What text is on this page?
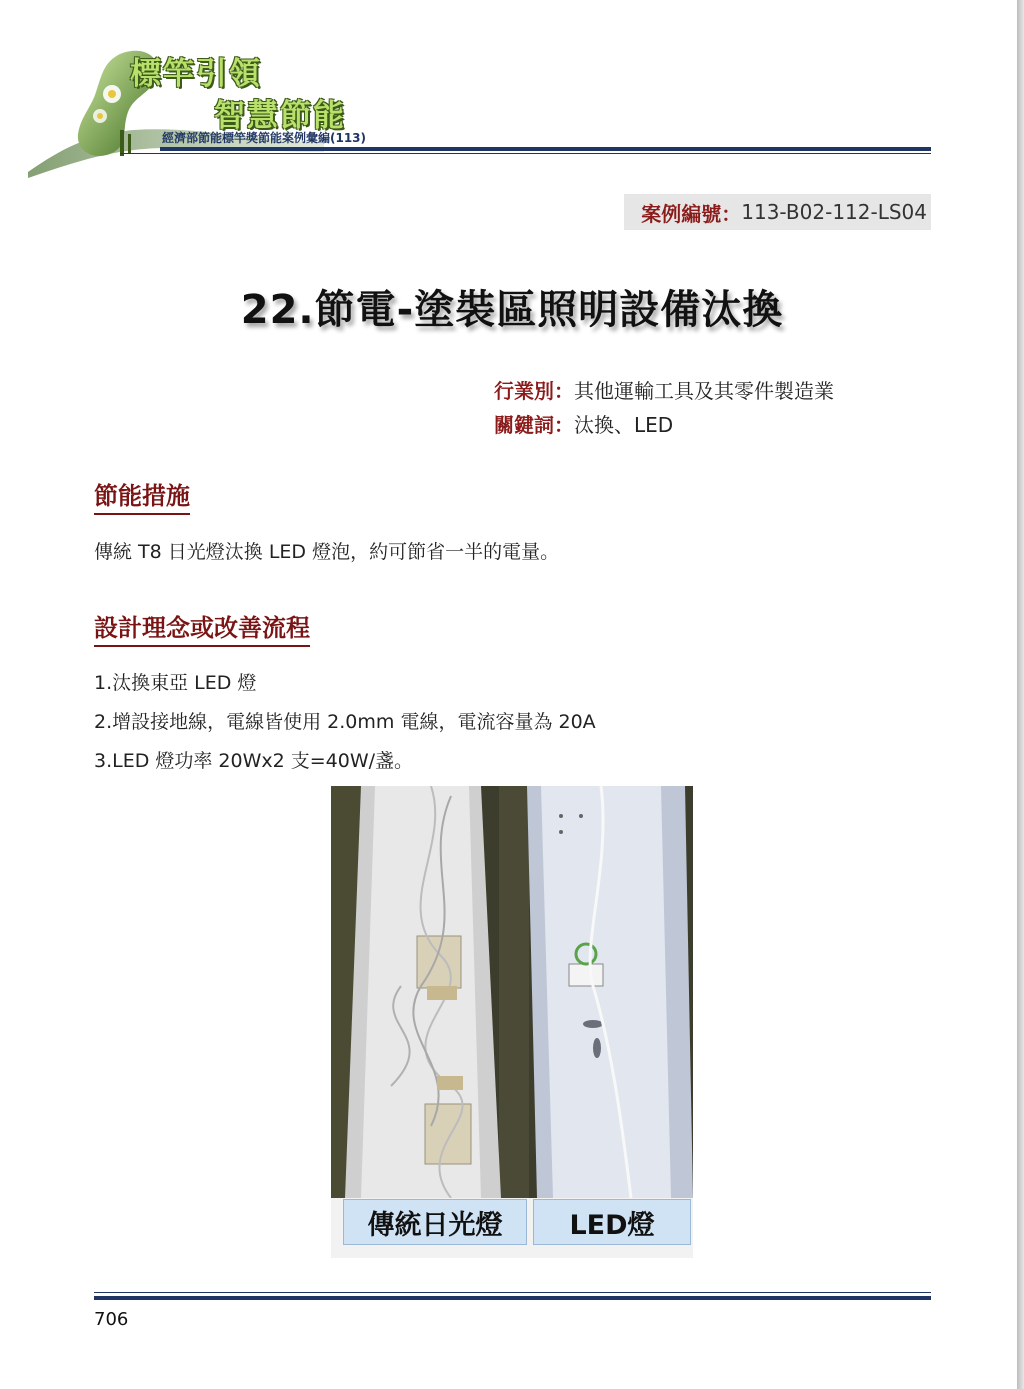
標竿引領
智慧節能
經濟部節能標竿獎節能案例彙編(113)
案例編號： 113-B02-112-LS04
22.節電-塗裝區照明設備汰換
行業別：其他運輸工具及其零件製造業
關鍵詞：汰換、LED
節能措施
傳統 T8 日光燈汰換 LED 燈泡，約可節省一半的電量。
設計理念或改善流程
1.汰換東亞 LED 燈
2.增設接地線，電線皆使用 2.0mm 電線，電流容量為 20A
3.LED 燈功率 20Wx2 支=40W/盞。
傳統日光燈	LED燈
706
